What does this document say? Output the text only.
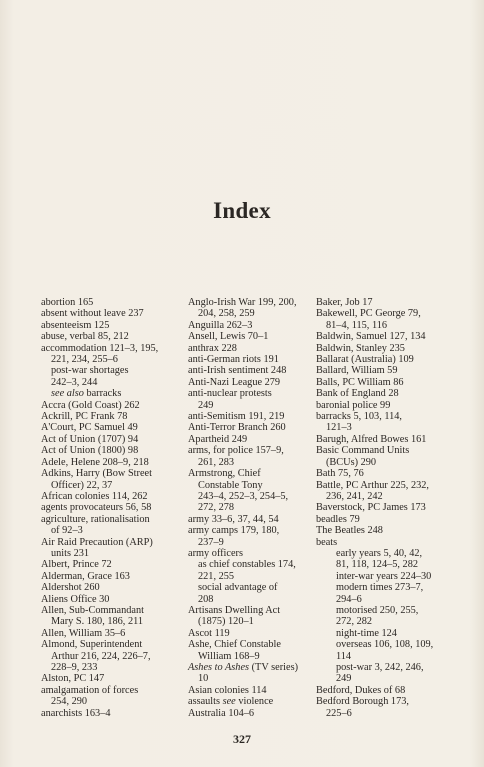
Index
abortion 165
absent without leave 237
absenteeism 125
abuse, verbal 85, 212
accommodation 121–3, 195,
221, 234, 255–6
post-war shortages
242–3, 244
see also barracks
Accra (Gold Coast) 262
Ackrill, PC Frank 78
A'Court, PC Samuel 49
Act of Union (1707) 94
Act of Union (1800) 98
Adele, Helene 208–9, 218
Adkins, Harry (Bow Street
Officer) 22, 37
African colonies 114, 262
agents provocateurs 56, 58
agriculture, rationalisation
of 92–3
Air Raid Precaution (ARP)
units 231
Albert, Prince 72
Alderman, Grace 163
Aldershot 260
Aliens Office 30
Allen, Sub-Commandant
Mary S. 180, 186, 211
Allen, William 35–6
Almond, Superintendent
Arthur 216, 224, 226–7,
228–9, 233
Alston, PC 147
amalgamation of forces
254, 290
anarchists 163–4
Anglo-Irish War 199, 200,
204, 258, 259
Anguilla 262–3
Ansell, Lewis 70–1
anthrax 228
anti-German riots 191
anti-Irish sentiment 248
Anti-Nazi League 279
anti-nuclear protests
249
anti-Semitism 191, 219
Anti-Terror Branch 260
Apartheid 249
arms, for police 157–9,
261, 283
Armstrong, Chief
Constable Tony
243–4, 252–3, 254–5,
272, 278
army 33–6, 37, 44, 54
army camps 179, 180,
237–9
army officers
as chief constables 174,
221, 255
social advantage of
208
Artisans Dwelling Act
(1875) 120–1
Ascot 119
Ashe, Chief Constable
William 168–9
Ashes to Ashes (TV series)
10
Asian colonies 114
assaults see violence
Australia 104–6
Baker, Job 17
Bakewell, PC George 79,
81–4, 115, 116
Baldwin, Samuel 127, 134
Baldwin, Stanley 235
Ballarat (Australia) 109
Ballard, William 59
Balls, PC William 86
Bank of England 28
baronial police 99
barracks 5, 103, 114,
121–3
Barugh, Alfred Bowes 161
Basic Command Units
(BCUs) 290
Bath 75, 76
Battle, PC Arthur 225, 232,
236, 241, 242
Baverstock, PC James 173
beadles 79
The Beatles 248
beats
early years 5, 40, 42,
81, 118, 124–5, 282
inter-war years 224–30
modern times 273–7,
294–6
motorised 250, 255,
272, 282
night-time 124
overseas 106, 108, 109,
114
post-war 3, 242, 246,
249
Bedford, Dukes of 68
Bedford Borough 173,
225–6
327
